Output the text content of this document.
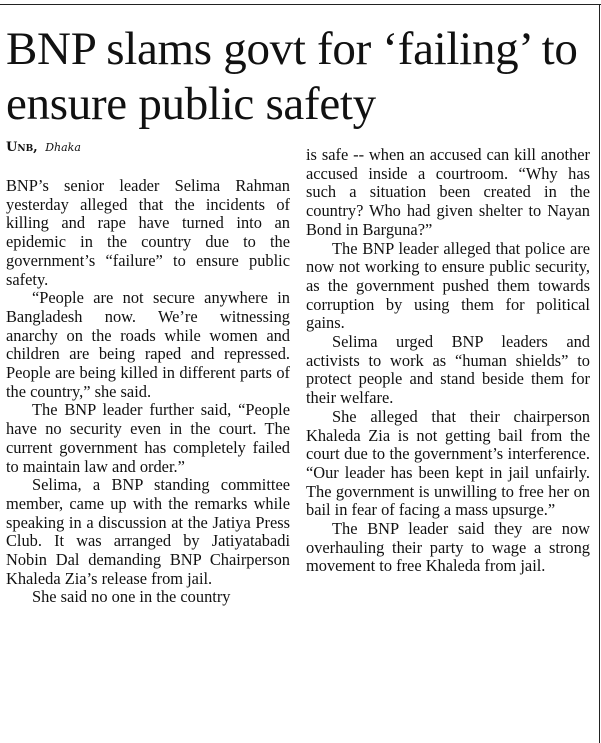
BNP slams govt for ‘failing’ to ensure public safety
Unb, Dhaka

BNP’s senior leader Selima Rahman yesterday alleged that the incidents of killing and rape have turned into an epidemic in the country due to the government’s “failure” to ensure public safety.

“People are not secure anywhere in Bangladesh now. We’re witnessing anarchy on the roads while women and children are being raped and repressed. People are being killed in different parts of the country,” she said.

The BNP leader further said, “People have no security even in the court. The current government has completely failed to maintain law and order.”

Selima, a BNP standing committee member, came up with the remarks while speaking in a discussion at the Jatiya Press Club. It was arranged by Jatiyatabadi Nobin Dal demanding BNP Chairperson Khaleda Zia’s release from jail.

She said no one in the country

is safe -- when an accused can kill another accused inside a courtroom. “Why has such a situation been created in the country? Who had given shelter to Nayan Bond in Barguna?”

The BNP leader alleged that police are now not working to ensure public security, as the government pushed them towards corruption by using them for political gains.

Selima urged BNP leaders and activists to work as “human shields” to protect people and stand beside them for their welfare.

She alleged that their chairperson Khaleda Zia is not getting bail from the court due to the government’s interference. “Our leader has been kept in jail unfairly. The government is unwilling to free her on bail in fear of facing a mass upsurge.”

The BNP leader said they are now overhauling their party to wage a strong movement to free Khaleda from jail.
